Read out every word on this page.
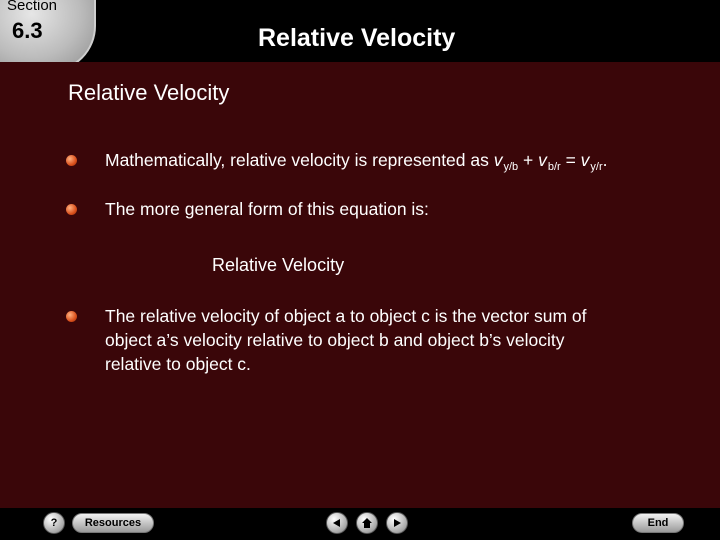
Section
6.3	Relative Velocity
Relative Velocity
Mathematically, relative velocity is represented as $v_{y/b} + v_{b/r} = v_{y/r}$.
The more general form of this equation is:
Relative Velocity
The relative velocity of object a to object c is the vector sum of
object a’s velocity relative to object b and object b’s velocity
relative to object c.
?	Resources	End
